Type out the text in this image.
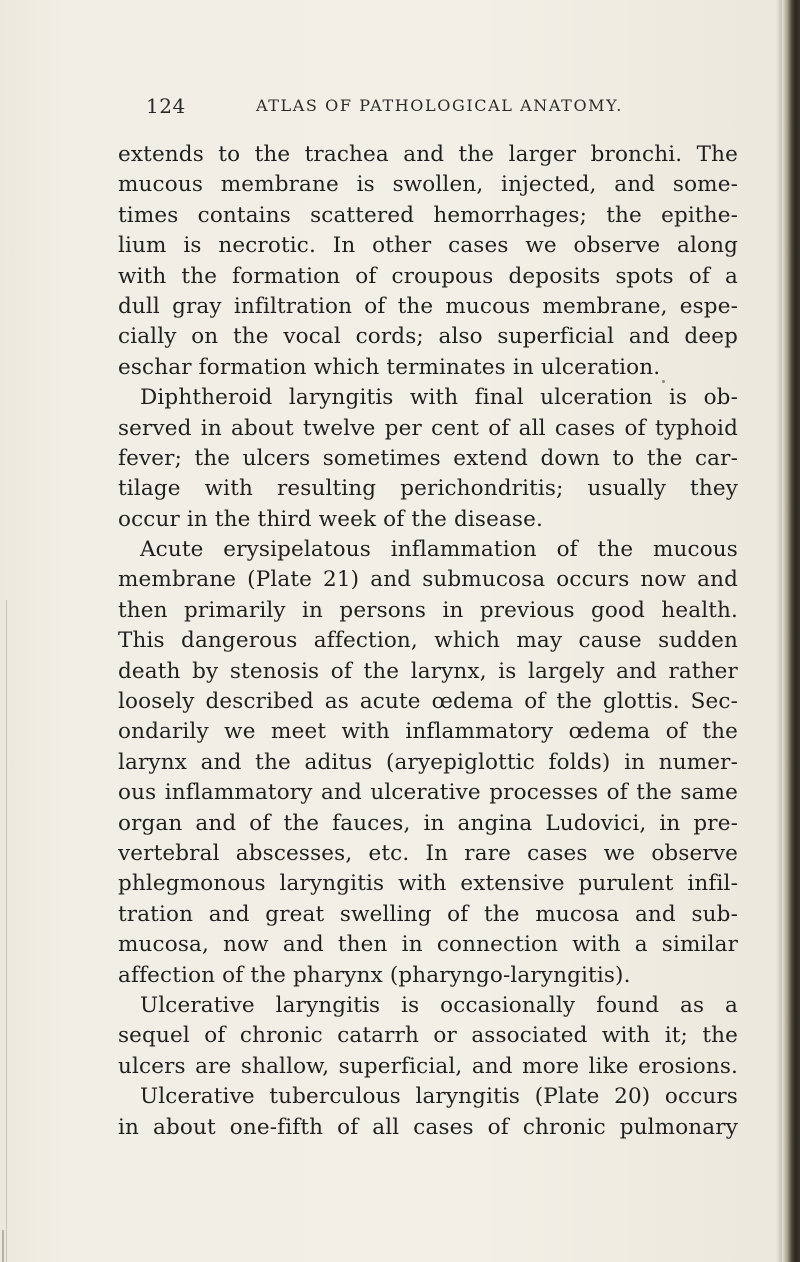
124	ATLAS OF PATHOLOGICAL ANATOMY.
extends to the trachea and the larger bronchi. The
mucous membrane is swollen, injected, and some-
times contains scattered hemorrhages; the epithe-
lium is necrotic. In other cases we observe along
with the formation of croupous deposits spots of a
dull gray infiltration of the mucous membrane, espe-
cially on the vocal cords; also superficial and deep
eschar formation which terminates in ulceration.
Diphtheroid laryngitis with final ulceration is ob-
served in about twelve per cent of all cases of typhoid
fever; the ulcers sometimes extend down to the car-
tilage with resulting perichondritis; usually they
occur in the third week of the disease.
Acute erysipelatous inflammation of the mucous
membrane (Plate 21) and submucosa occurs now and
then primarily in persons in previous good health.
This dangerous affection, which may cause sudden
death by stenosis of the larynx, is largely and rather
loosely described as acute œdema of the glottis. Sec-
ondarily we meet with inflammatory œdema of the
larynx and the aditus (aryepiglottic folds) in numer-
ous inflammatory and ulcerative processes of the same
organ and of the fauces, in angina Ludovici, in pre-
vertebral abscesses, etc. In rare cases we observe
phlegmonous laryngitis with extensive purulent infil-
tration and great swelling of the mucosa and sub-
mucosa, now and then in connection with a similar
affection of the pharynx (pharyngo-laryngitis).
Ulcerative laryngitis is occasionally found as a
sequel of chronic catarrh or associated with it; the
ulcers are shallow, superficial, and more like erosions.
Ulcerative tuberculous laryngitis (Plate 20) occurs
in about one-fifth of all cases of chronic pulmonary
